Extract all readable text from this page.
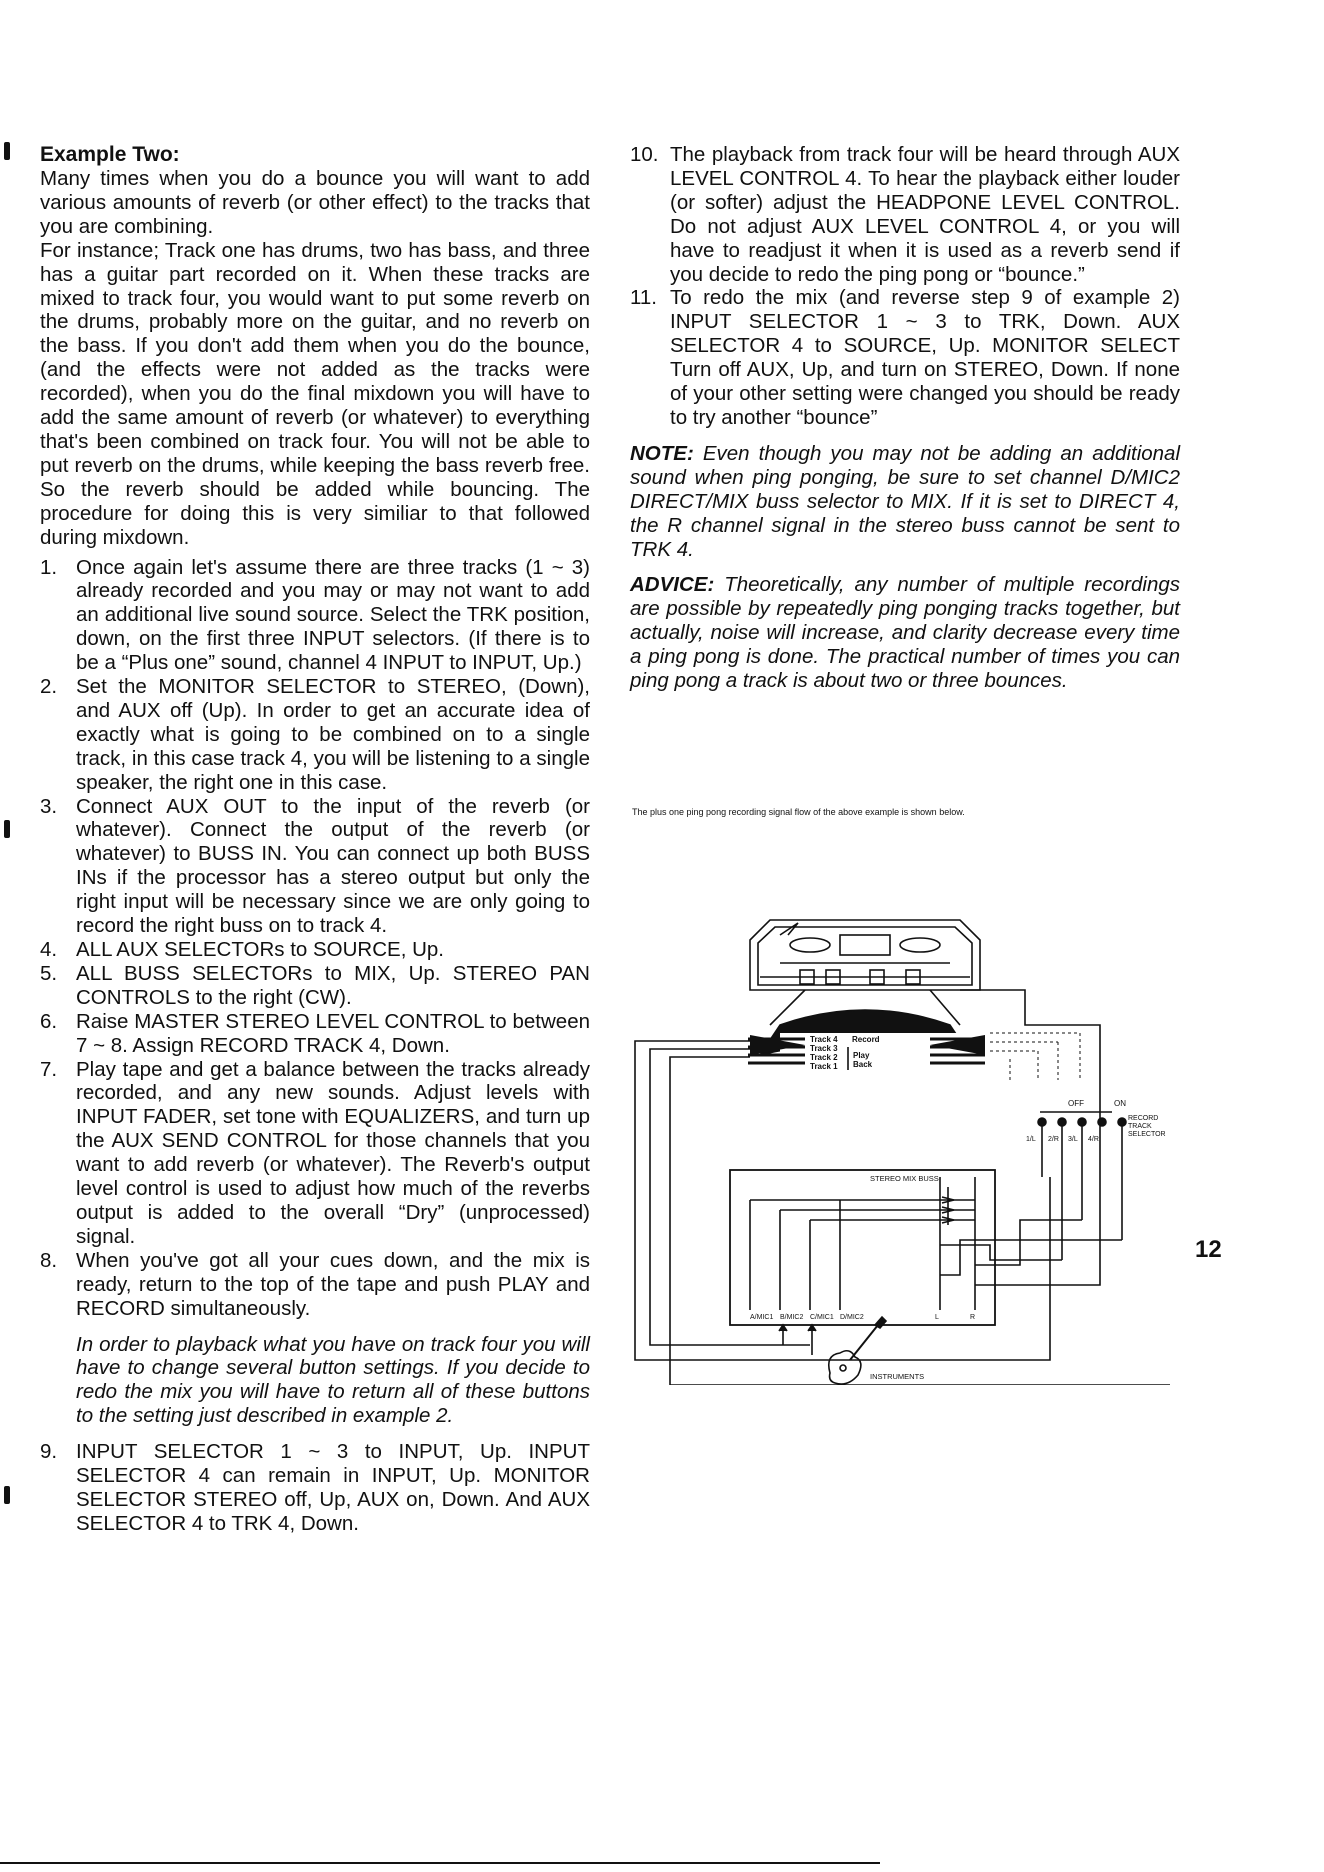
Example Two:

Many times when you do a bounce you will want to add various amounts of reverb (or other effect) to the tracks that you are combining.

For instance; Track one has drums, two has bass, and three has a guitar part recorded on it. When these tracks are mixed to track four, you would want to put some reverb on the drums, probably more on the guitar, and no reverb on the bass. If you don't add them when you do the bounce, (and the effects were not added as the tracks were recorded), when you do the final mixdown you will have to add the same amount of reverb (or whatever) to everything that's been combined on track four. You will not be able to put reverb on the drums, while keeping the bass reverb free. So the reverb should be added while bouncing. The procedure for doing this is very similiar to that followed during mixdown.

1. Once again let's assume there are three tracks (1 ~ 3) already recorded and you may or may not want to add an additional live sound source. Select the TRK position, down, on the first three INPUT selectors. (If there is to be a “Plus one” sound, channel 4 INPUT to INPUT, Up.)
2. Set the MONITOR SELECTOR to STEREO, (Down), and AUX off (Up). In order to get an accurate idea of exactly what is going to be combined on to a single track, in this case track 4, you will be listening to a single speaker, the right one in this case.
3. Connect AUX OUT to the input of the reverb (or whatever). Connect the output of the reverb (or whatever) to BUSS IN. You can connect up both BUSS INs if the processor has a stereo output but only the right input will be necessary since we are only going to record the right buss on to track 4.
4. ALL AUX SELECTORs to SOURCE, Up.
5. ALL BUSS SELECTORs to MIX, Up. STEREO PAN CONTROLS to the right (CW).
6. Raise MASTER STEREO LEVEL CONTROL to between 7 ~ 8. Assign RECORD TRACK 4, Down.
7. Play tape and get a balance between the tracks already recorded, and any new sounds. Adjust levels with INPUT FADER, set tone with EQUALIZERS, and turn up the AUX SEND CONTROL for those channels that you want to add reverb (or whatever). The Reverb's output level control is used to adjust how much of the reverbs output is added to the overall “Dry” (unprocessed) signal.
8. When you've got all your cues down, and the mix is ready, return to the top of the tape and push PLAY and RECORD simultaneously.

In order to playback what you have on track four you will have to change several button settings. If you decide to redo the mix you will have to return all of these buttons to the setting just described in example 2.

9. INPUT SELECTOR 1 ~ 3 to INPUT, Up. INPUT SELECTOR 4 can remain in INPUT, Up. MONITOR SELECTOR STEREO off, Up, AUX on, Down. And AUX SELECTOR 4 to TRK 4, Down.
10. The playback from track four will be heard through AUX LEVEL CONTROL 4. To hear the playback either louder (or softer) adjust the HEADPONE LEVEL CONTROL. Do not adjust AUX LEVEL CONTROL 4, or you will have to readjust it when it is used as a reverb send if you decide to redo the ping pong or “bounce.”
11. To redo the mix (and reverse step 9 of example 2) INPUT SELECTOR 1 ~ 3 to TRK, Down. AUX SELECTOR 4 to SOURCE, Up. MONITOR SELECT Turn off AUX, Up, and turn on STEREO, Down. If none of your other setting were changed you should be ready to try another “bounce”

NOTE: Even though you may not be adding an additional sound when ping ponging, be sure to set channel D/MIC2 DIRECT/MIX buss selector to MIX. If it is set to DIRECT 4, the R channel signal in the stereo buss cannot be sent to TRK 4.

ADVICE: Theoretically, any number of multiple recordings are possible by repeatedly ping ponging tracks together, but actually, noise will increase, and clarity decrease every time a ping pong is done. The practical number of times you can ping pong a track is about two or three bounces.

The plus one ping pong recording signal flow of the above example is shown below.
Track 4
Track 3
Track 2
Track 1
Record
Play
Back
OFF	ON
1/L 2/R 3/L 4/R
RECORD
TRACK
SELECTOR
STEREO MIX BUSS
A/MIC1 B/MIC2 C/MIC1 D/MIC2	L	R
INSTRUMENTS
12
